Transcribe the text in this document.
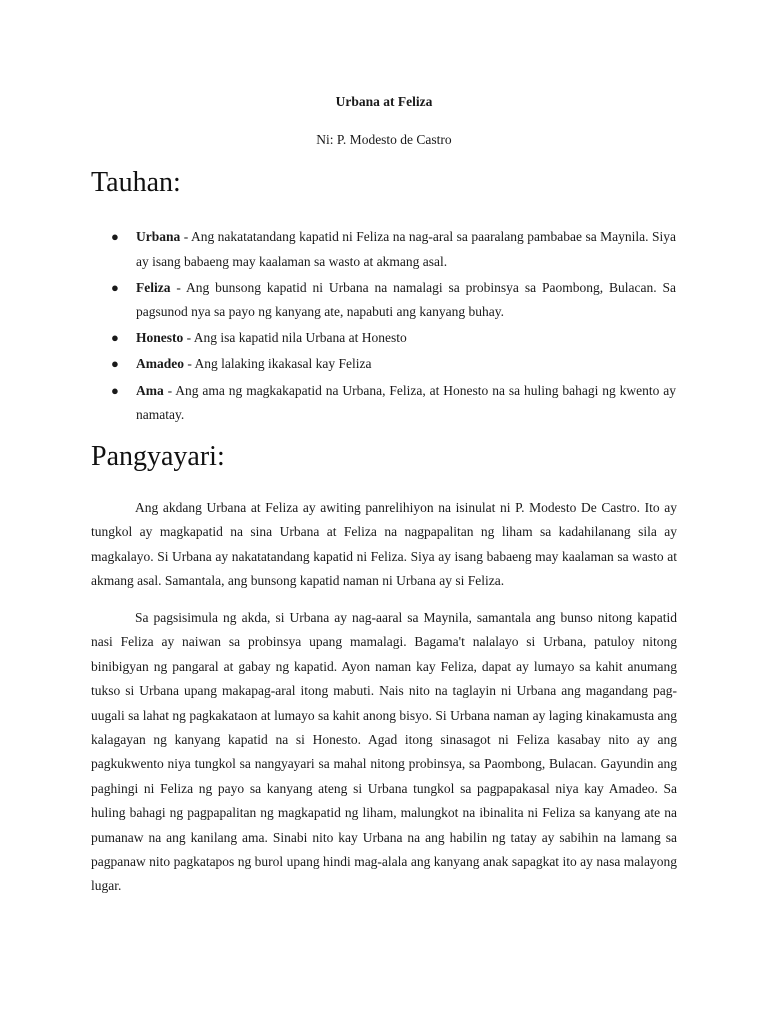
Urbana at Feliza
Ni: P. Modesto de Castro
Tauhan:
● Urbana - Ang nakatatandang kapatid ni Feliza na nag-aral sa paaralang pambabae sa Maynila. Siya ay isang babaeng may kaalaman sa wasto at akmang asal.
● Feliza - Ang bunsong kapatid ni Urbana na namalagi sa probinsya sa Paombong, Bulacan. Sa pagsunod nya sa payo ng kanyang ate, napabuti ang kanyang buhay.
● Honesto - Ang isa kapatid nila Urbana at Honesto
● Amadeo - Ang lalaking ikakasal kay Feliza
● Ama - Ang ama ng magkakapatid na Urbana, Feliza, at Honesto na sa huling bahagi ng kwento ay namatay.
Pangyayari:

Ang akdang Urbana at Feliza ay awiting panrelihiyon na isinulat ni P. Modesto De Castro. Ito ay tungkol ay magkapatid na sina Urbana at Feliza na nagpapalitan ng liham sa kadahilanang sila ay magkalayo. Si Urbana ay nakatatandang kapatid ni Feliza. Siya ay isang babaeng may kaalaman sa wasto at akmang asal. Samantala, ang bunsong kapatid naman ni Urbana ay si Feliza.

Sa pagsisimula ng akda, si Urbana ay nag-aaral sa Maynila, samantala ang bunso nitong kapatid nasi Feliza ay naiwan sa probinsya upang mamalagi. Bagama't nalalayo si Urbana, patuloy nitong binibigyan ng pangaral at gabay ng kapatid. Ayon naman kay Feliza, dapat ay lumayo sa kahit anumang tukso si Urbana upang makapag-aral itong mabuti. Nais nito na taglayin ni Urbana ang magandang pag-uugali sa lahat ng pagkakataon at lumayo sa kahit anong bisyo. Si Urbana naman ay laging kinakamusta ang kalagayan ng kanyang kapatid na si Honesto. Agad itong sinasagot ni Feliza kasabay nito ay ang pagkukwento niya tungkol sa nangyayari sa mahal nitong probinsya, sa Paombong, Bulacan. Gayundin ang paghingi ni Feliza ng payo sa kanyang ateng si Urbana tungkol sa pagpapakasal niya kay Amadeo. Sa huling bahagi ng pagpapalitan ng magkapatid ng liham, malungkot na ibinalita ni Feliza sa kanyang ate na pumanaw na ang kanilang ama. Sinabi nito kay Urbana na ang habilin ng tatay ay sabihin na lamang sa pagpanaw nito pagkatapos ng burol upang hindi mag-alala ang kanyang anak sapagkat ito ay nasa malayong lugar.
